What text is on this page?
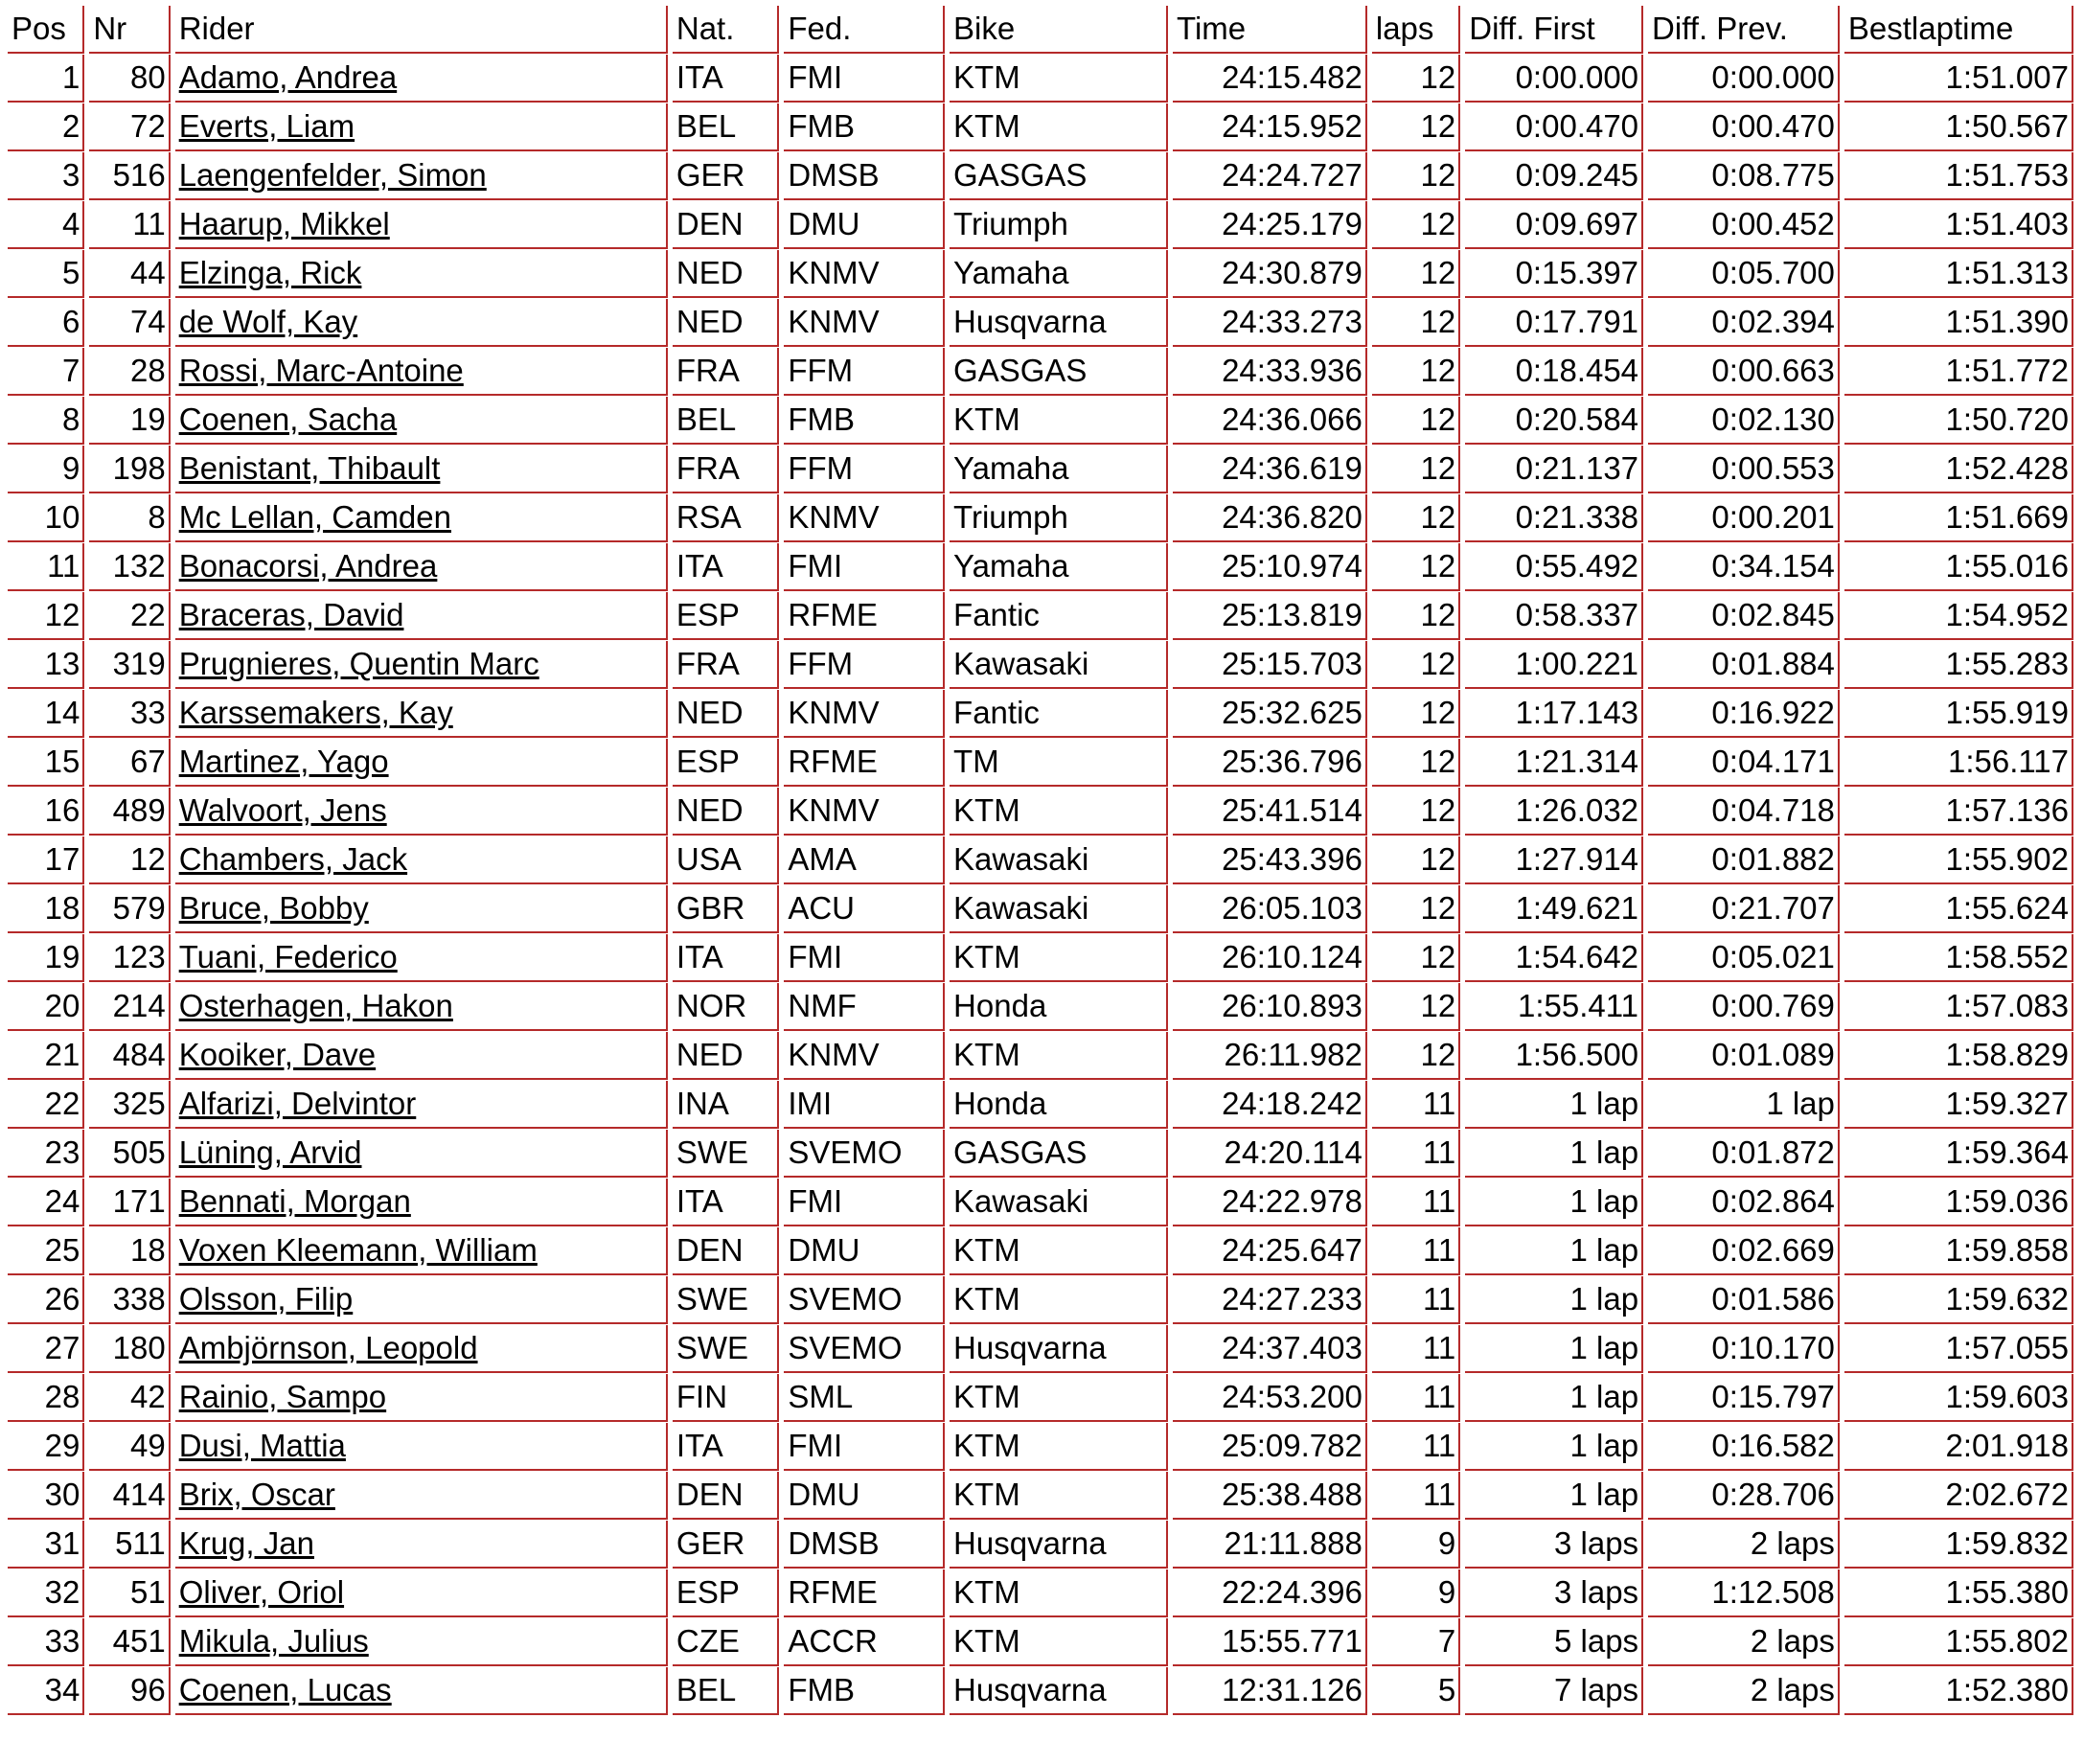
Pos	Nr	Rider	Nat.	Fed.	Bike	Time	laps	Diff. First	Diff. Prev.	Bestlaptime
1	80	Adamo, Andrea	ITA	FMI	KTM	24:15.482	12	0:00.000	0:00.000	1:51.007
2	72	Everts, Liam	BEL	FMB	KTM	24:15.952	12	0:00.470	0:00.470	1:50.567
3	516	Laengenfelder, Simon	GER	DMSB	GASGAS	24:24.727	12	0:09.245	0:08.775	1:51.753
4	11	Haarup, Mikkel	DEN	DMU	Triumph	24:25.179	12	0:09.697	0:00.452	1:51.403
5	44	Elzinga, Rick	NED	KNMV	Yamaha	24:30.879	12	0:15.397	0:05.700	1:51.313
6	74	de Wolf, Kay	NED	KNMV	Husqvarna	24:33.273	12	0:17.791	0:02.394	1:51.390
7	28	Rossi, Marc-Antoine	FRA	FFM	GASGAS	24:33.936	12	0:18.454	0:00.663	1:51.772
8	19	Coenen, Sacha	BEL	FMB	KTM	24:36.066	12	0:20.584	0:02.130	1:50.720
9	198	Benistant, Thibault	FRA	FFM	Yamaha	24:36.619	12	0:21.137	0:00.553	1:52.428
10	8	Mc Lellan, Camden	RSA	KNMV	Triumph	24:36.820	12	0:21.338	0:00.201	1:51.669
11	132	Bonacorsi, Andrea	ITA	FMI	Yamaha	25:10.974	12	0:55.492	0:34.154	1:55.016
12	22	Braceras, David	ESP	RFME	Fantic	25:13.819	12	0:58.337	0:02.845	1:54.952
13	319	Prugnieres, Quentin Marc	FRA	FFM	Kawasaki	25:15.703	12	1:00.221	0:01.884	1:55.283
14	33	Karssemakers, Kay	NED	KNMV	Fantic	25:32.625	12	1:17.143	0:16.922	1:55.919
15	67	Martinez, Yago	ESP	RFME	TM	25:36.796	12	1:21.314	0:04.171	1:56.117
16	489	Walvoort, Jens	NED	KNMV	KTM	25:41.514	12	1:26.032	0:04.718	1:57.136
17	12	Chambers, Jack	USA	AMA	Kawasaki	25:43.396	12	1:27.914	0:01.882	1:55.902
18	579	Bruce, Bobby	GBR	ACU	Kawasaki	26:05.103	12	1:49.621	0:21.707	1:55.624
19	123	Tuani, Federico	ITA	FMI	KTM	26:10.124	12	1:54.642	0:05.021	1:58.552
20	214	Osterhagen, Hakon	NOR	NMF	Honda	26:10.893	12	1:55.411	0:00.769	1:57.083
21	484	Kooiker, Dave	NED	KNMV	KTM	26:11.982	12	1:56.500	0:01.089	1:58.829
22	325	Alfarizi, Delvintor	INA	IMI	Honda	24:18.242	11	1 lap	1 lap	1:59.327
23	505	Lüning, Arvid	SWE	SVEMO	GASGAS	24:20.114	11	1 lap	0:01.872	1:59.364
24	171	Bennati, Morgan	ITA	FMI	Kawasaki	24:22.978	11	1 lap	0:02.864	1:59.036
25	18	Voxen Kleemann, William	DEN	DMU	KTM	24:25.647	11	1 lap	0:02.669	1:59.858
26	338	Olsson, Filip	SWE	SVEMO	KTM	24:27.233	11	1 lap	0:01.586	1:59.632
27	180	Ambjörnson, Leopold	SWE	SVEMO	Husqvarna	24:37.403	11	1 lap	0:10.170	1:57.055
28	42	Rainio, Sampo	FIN	SML	KTM	24:53.200	11	1 lap	0:15.797	1:59.603
29	49	Dusi, Mattia	ITA	FMI	KTM	25:09.782	11	1 lap	0:16.582	2:01.918
30	414	Brix, Oscar	DEN	DMU	KTM	25:38.488	11	1 lap	0:28.706	2:02.672
31	511	Krug, Jan	GER	DMSB	Husqvarna	21:11.888	9	3 laps	2 laps	1:59.832
32	51	Oliver, Oriol	ESP	RFME	KTM	22:24.396	9	3 laps	1:12.508	1:55.380
33	451	Mikula, Julius	CZE	ACCR	KTM	15:55.771	7	5 laps	2 laps	1:55.802
34	96	Coenen, Lucas	BEL	FMB	Husqvarna	12:31.126	5	7 laps	2 laps	1:52.380
